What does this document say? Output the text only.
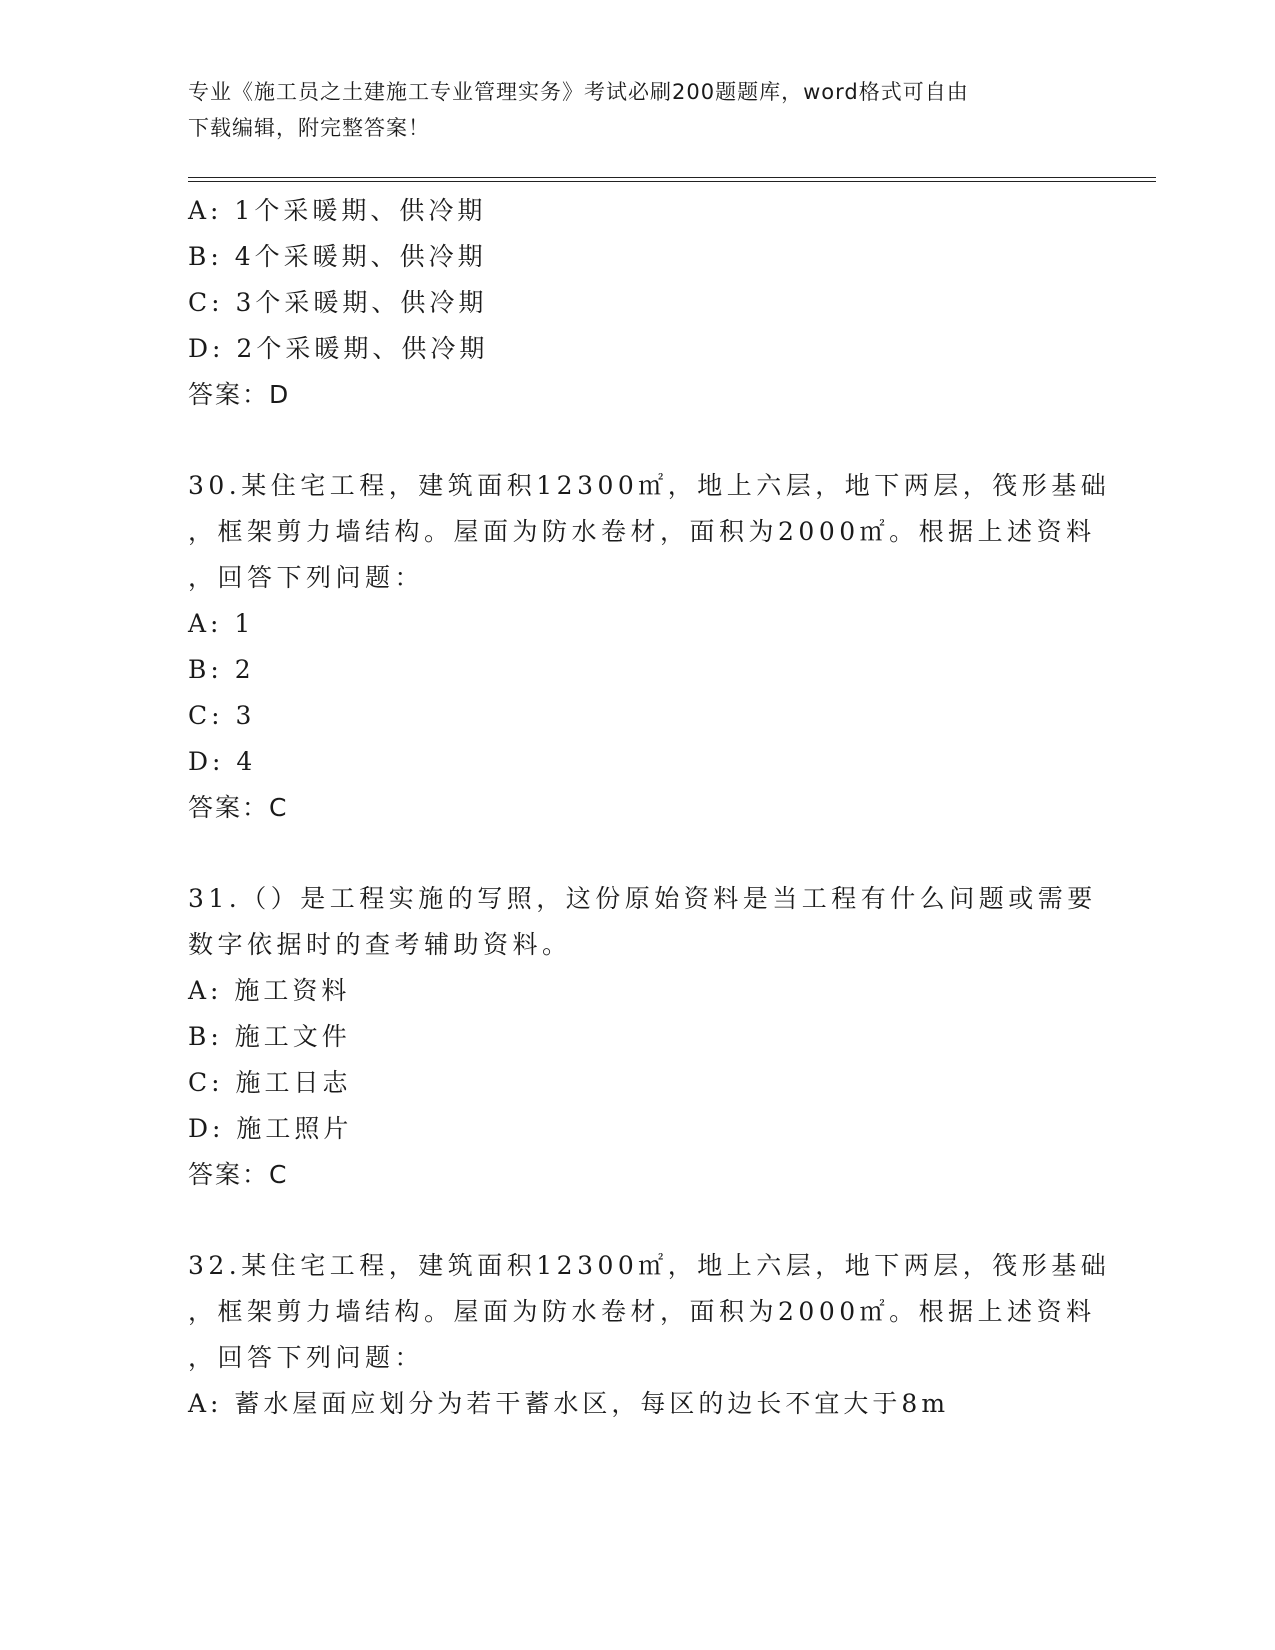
专业《施工员之土建施工专业管理实务》考试必刷200题题库，word格式可自由
下载编辑，附完整答案！
A: 1个采暖期、供冷期
B: 4个采暖期、供冷期
C: 3个采暖期、供冷期
D: 2个采暖期、供冷期
答案：D
30.某住宅工程，建筑面积12300㎡，地上六层，地下两层，筏形基础
，框架剪力墙结构。屋面为防水卷材，面积为2000㎡。根据上述资料
，回答下列问题：
A: 1
B: 2
C: 3
D: 4
答案：C
31.（）是工程实施的写照，这份原始资料是当工程有什么问题或需要
数字依据时的查考辅助资料。
A: 施工资料
B: 施工文件
C: 施工日志
D: 施工照片
答案：C
32.某住宅工程，建筑面积12300㎡，地上六层，地下两层，筏形基础
，框架剪力墙结构。屋面为防水卷材，面积为2000㎡。根据上述资料
，回答下列问题：
A: 蓄水屋面应划分为若干蓄水区，每区的边长不宜大于8m
